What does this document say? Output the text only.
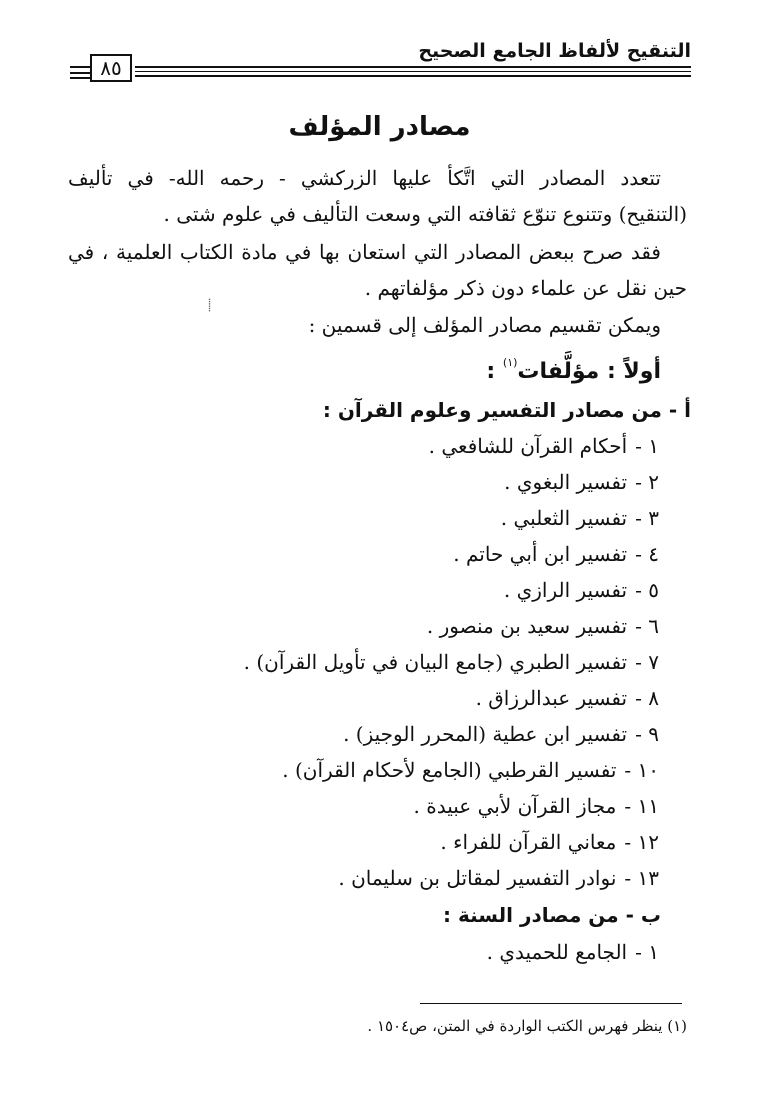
التنقيح لألفاظ الجامع الصحيح
٨٥
مصادر المؤلف
تتعدد المصادر التي اتَّكأ عليها الزركشي - رحمه الله- في تأليف
(التنقيح) وتتنوع تنوّع ثقافته التي وسعت التأليف في علوم شتى .
فقد صرح ببعض المصادر التي استعان بها في مادة الكتاب العلمية ، في
حين نقل عن علماء دون ذكر مؤلفاتهم .
ويمكن تقسيم مصادر المؤلف إلى قسمين :
⸽
أولاً : مؤلَّفات$^{(١)}$ :
أ - من مصادر التفسير وعلوم القرآن :
١ -أحكام القرآن للشافعي .
٢ -تفسير البغوي .
٣ -تفسير الثعلبي .
٤ -تفسير ابن أبي حاتم .
٥ -تفسير الرازي .
٦ -تفسير سعيد بن منصور .
٧ -تفسير الطبري (جامع البيان في تأويل القرآن) .
٨ -تفسير عبدالرزاق .
٩ -تفسير ابن عطية (المحرر الوجيز) .
١٠ -تفسير القرطبي (الجامع لأحكام القرآن) .
١١ -مجاز القرآن لأبي عبيدة .
١٢ -معاني القرآن للفراء .
١٣ -نوادر التفسير لمقاتل بن سليمان .
ب - من مصادر السنة :
١ -الجامع للحميدي .
(١) ينظر فهرس الكتب الواردة في المتن، ص١٥٠٤ .
